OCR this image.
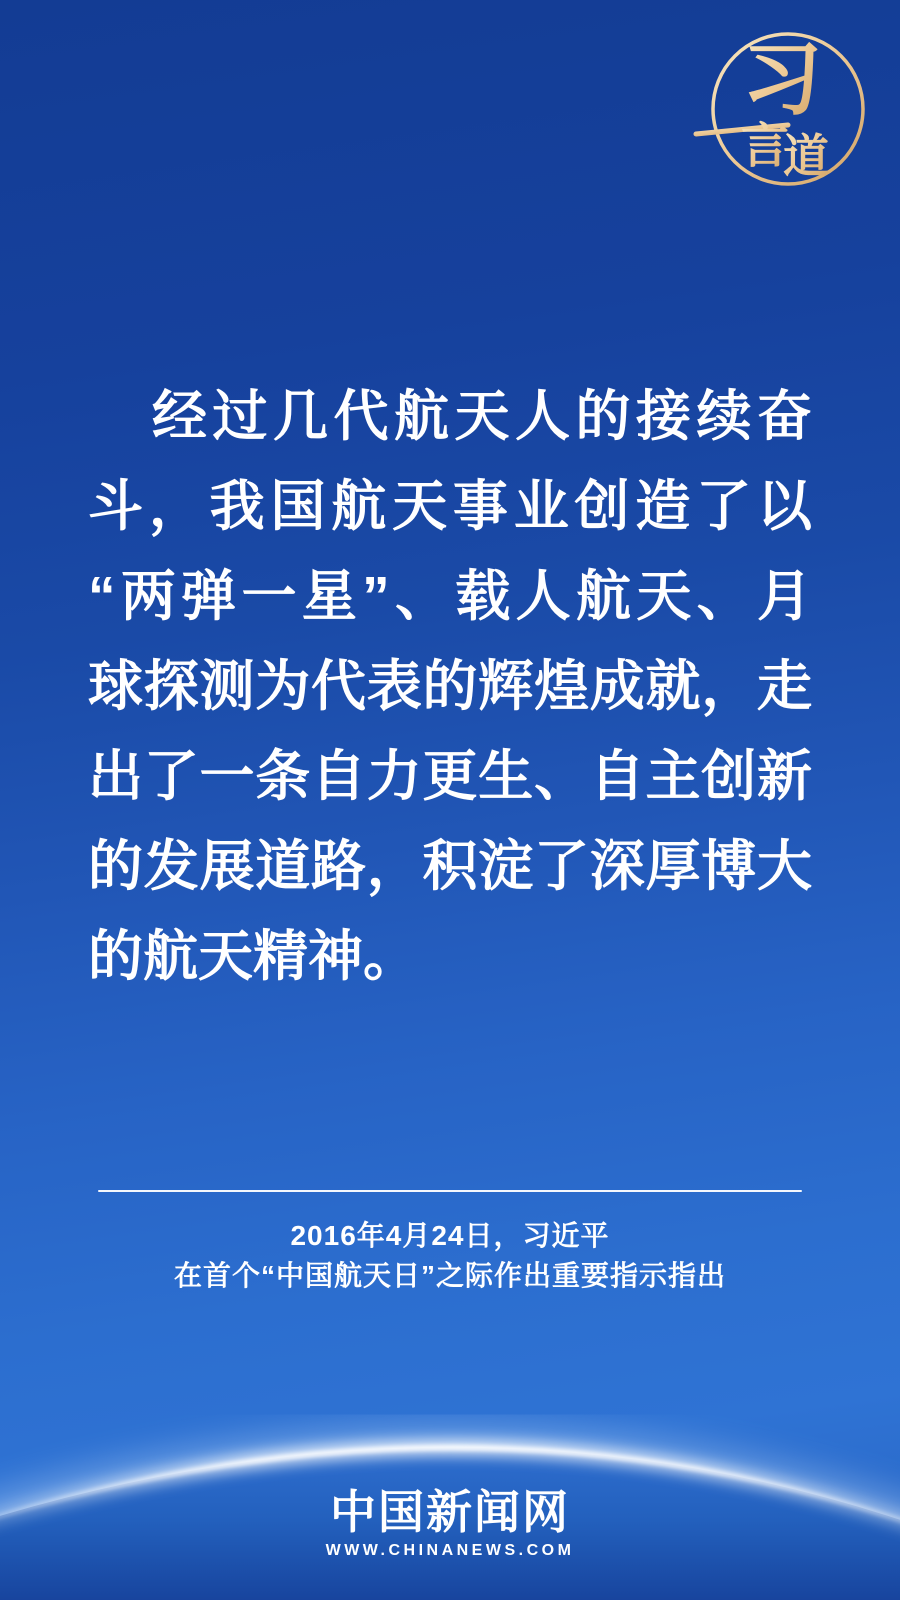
习
言
道
经过几代航天人的接续奋
斗，我国航天事业创造了以
“两弹一星”、载人航天、月
球探测为代表的辉煌成就，走
出了一条自力更生、自主创新
的发展道路，积淀了深厚博大
的航天精神。
2016年4月24日，习近平
在首个“中国航天日”之际作出重要指示指出
中国新闻网
WWW.CHINANEWS.COM
